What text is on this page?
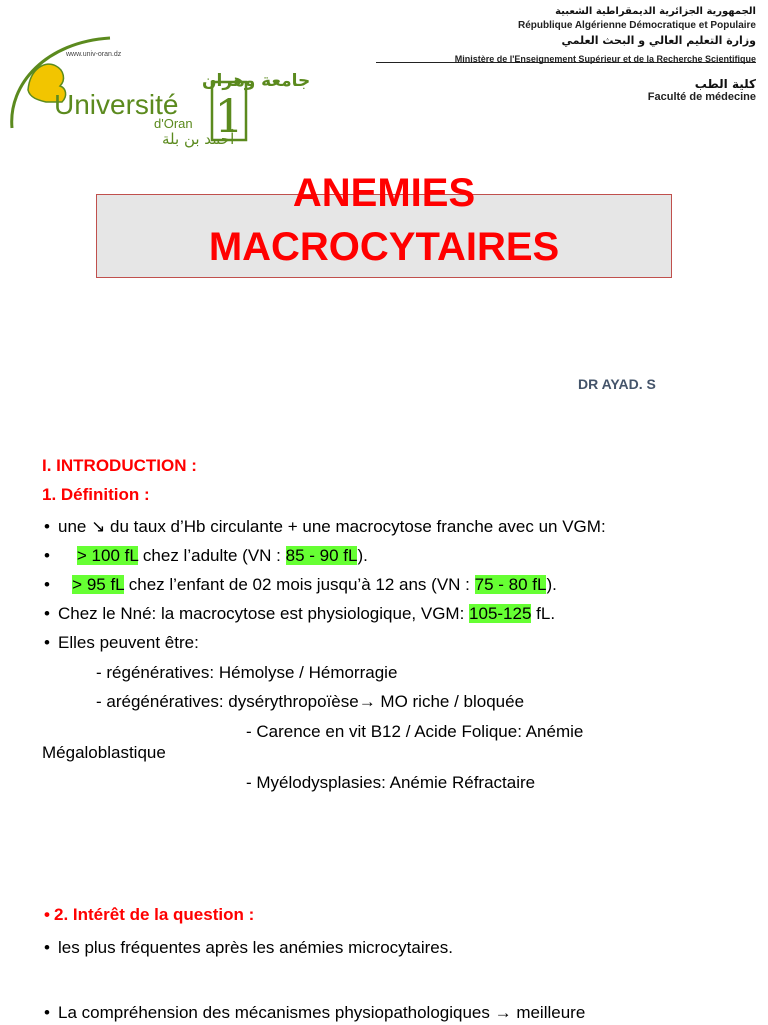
www.univ-oran.dz
جامعة وهران
Université
d'Oran 1
أحمد بن بلة
الجمهورية الجزائرية الديمقراطية الشعبية
République Algérienne Démocratique et Populaire
وزارة التعليم العالي و البحث العلمي
Ministère de l'Enseignement Supérieur et de la Recherche Scientifique
كلية الطب
Faculté de médecine
ANEMIES
MACROCYTAIRES
DR AYAD. S
I. INTRODUCTION :
1. Définition :
• une ↘ du taux d’Hb circulante + une macrocytose franche avec un VGM:
• > 100 fL chez l’adulte (VN : 85 - 90 fL).
• > 95 fL chez l’enfant de 02 mois jusqu’à 12 ans (VN : 75 - 80 fL).
• Chez le Nné: la macrocytose est physiologique, VGM: 105-125 fL.
• Elles peuvent être:
- régénératives: Hémolyse / Hémorragie
- arégénératives: dysérythropoïèse→ MO riche / bloquée
- Carence en vit B12 / Acide Folique: Anémie
Mégaloblastique
- Myélodysplasies: Anémie Réfractaire
• 2. Intérêt de la question :
• les plus fréquentes après les anémies microcytaires.
• La compréhension des mécanismes physiopathologiques → meilleure
